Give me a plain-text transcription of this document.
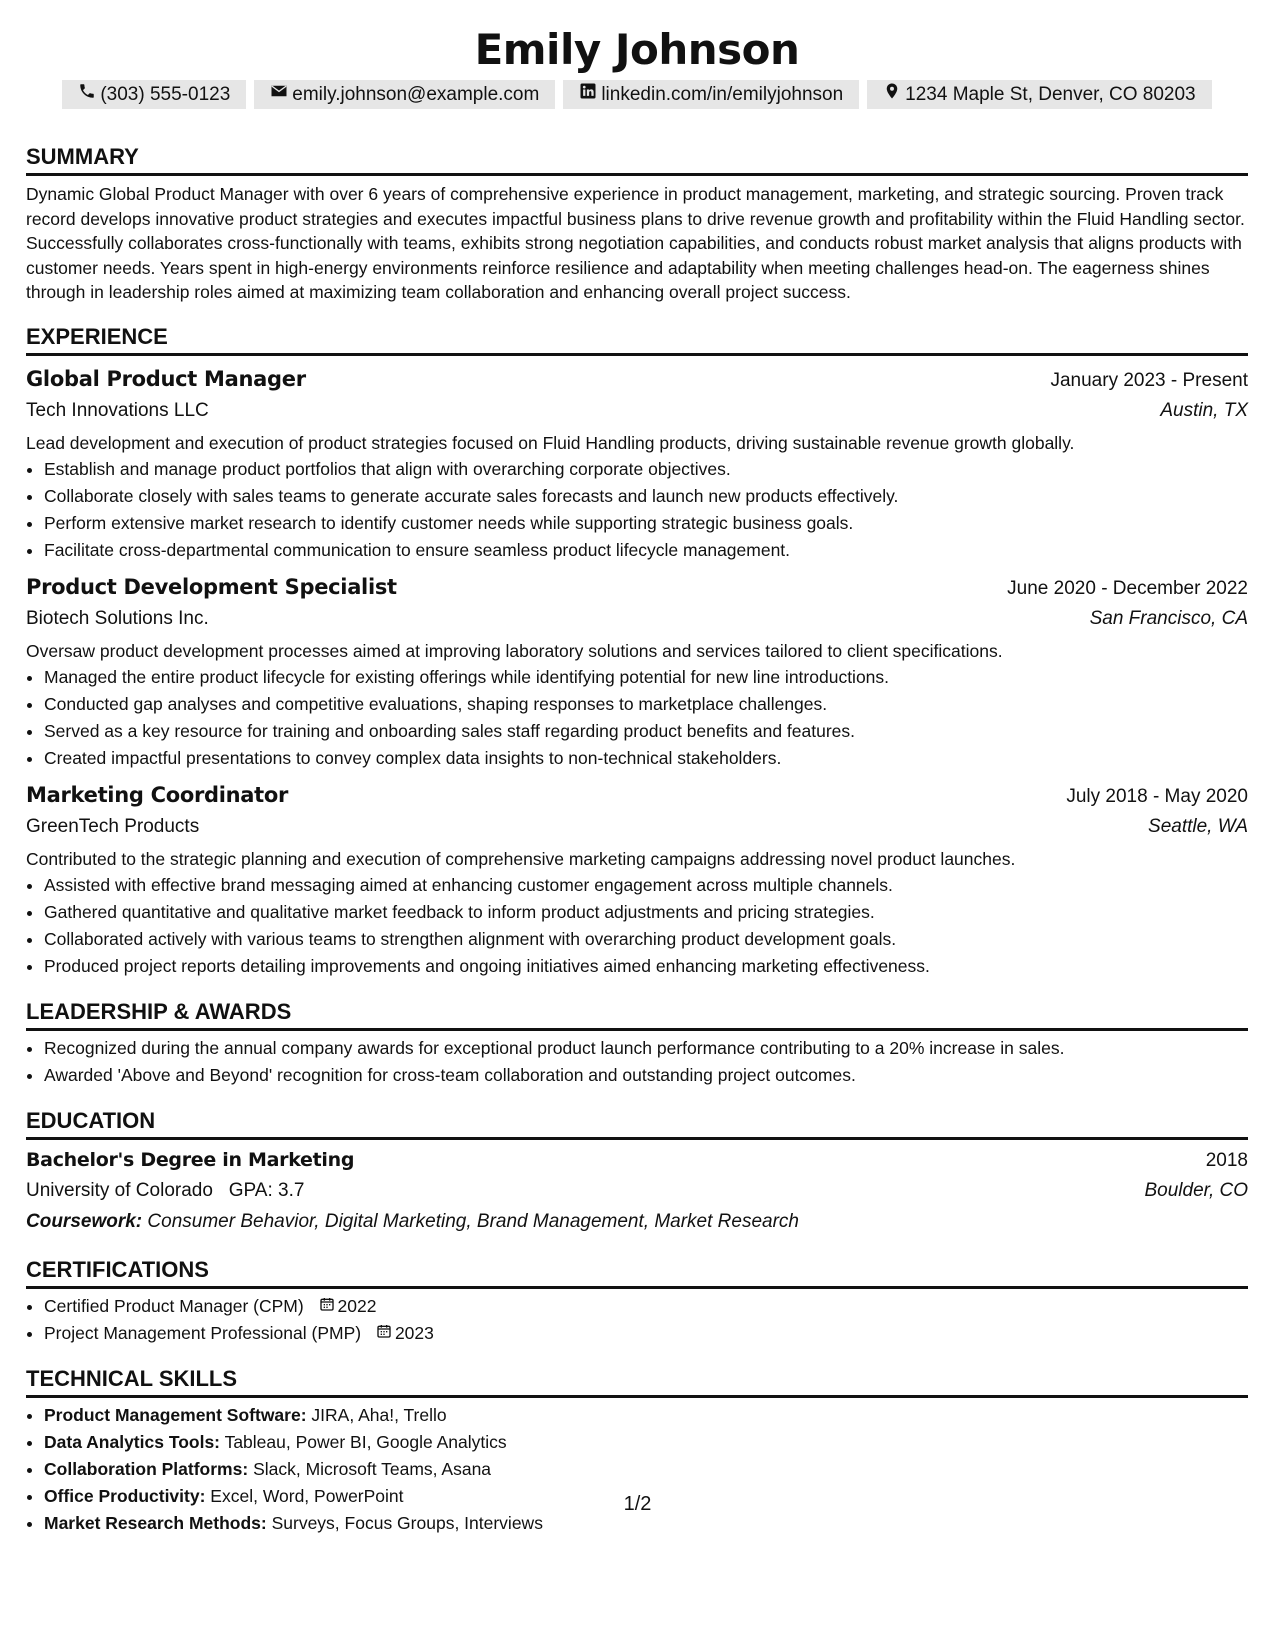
Emily Johnson
(303) 555-0123	emily.johnson@example.com	linkedin.com/in/emilyjohnson	1234 Maple St, Denver, CO 80203
SUMMARY

Dynamic Global Product Manager with over 6 years of comprehensive experience in product management, marketing, and strategic sourcing. Proven track record develops innovative product strategies and executes impactful business plans to drive revenue growth and profitability within the Fluid Handling sector. Successfully collaborates cross-functionally with teams, exhibits strong negotiation capabilities, and conducts robust market analysis that aligns products with customer needs. Years spent in high-energy environments reinforce resilience and adaptability when meeting challenges head-on. The eagerness shines through in leadership roles aimed at maximizing team collaboration and enhancing overall project success.

EXPERIENCE
Global Product Manager	January 2023 - Present
Tech Innovations LLC	Austin, TX
Lead development and execution of product strategies focused on Fluid Handling products, driving sustainable revenue growth globally.
• Establish and manage product portfolios that align with overarching corporate objectives.
• Collaborate closely with sales teams to generate accurate sales forecasts and launch new products effectively.
• Perform extensive market research to identify customer needs while supporting strategic business goals.
• Facilitate cross-departmental communication to ensure seamless product lifecycle management.
Product Development Specialist	June 2020 - December 2022
Biotech Solutions Inc.	San Francisco, CA
Oversaw product development processes aimed at improving laboratory solutions and services tailored to client specifications.
• Managed the entire product lifecycle for existing offerings while identifying potential for new line introductions.
• Conducted gap analyses and competitive evaluations, shaping responses to marketplace challenges.
• Served as a key resource for training and onboarding sales staff regarding product benefits and features.
• Created impactful presentations to convey complex data insights to non-technical stakeholders.
Marketing Coordinator	July 2018 - May 2020
GreenTech Products	Seattle, WA
Contributed to the strategic planning and execution of comprehensive marketing campaigns addressing novel product launches.
• Assisted with effective brand messaging aimed at enhancing customer engagement across multiple channels.
• Gathered quantitative and qualitative market feedback to inform product adjustments and pricing strategies.
• Collaborated actively with various teams to strengthen alignment with overarching product development goals.
• Produced project reports detailing improvements and ongoing initiatives aimed enhancing marketing effectiveness.
LEADERSHIP & AWARDS
• Recognized during the annual company awards for exceptional product launch performance contributing to a 20% increase in sales.
• Awarded 'Above and Beyond' recognition for cross-team collaboration and outstanding project outcomes.
EDUCATION
Bachelor's Degree in Marketing	2018
University of Colorado GPA: 3.7	Boulder, CO
Coursework: Consumer Behavior, Digital Marketing, Brand Management, Market Research
CERTIFICATIONS
• Certified Product Manager (CPM) 2022
• Project Management Professional (PMP) 2023
TECHNICAL SKILLS
• Product Management Software: JIRA, Aha!, Trello
• Data Analytics Tools: Tableau, Power BI, Google Analytics
• Collaboration Platforms: Slack, Microsoft Teams, Asana
• Office Productivity: Excel, Word, PowerPoint
• Market Research Methods: Surveys, Focus Groups, Interviews
1/2
